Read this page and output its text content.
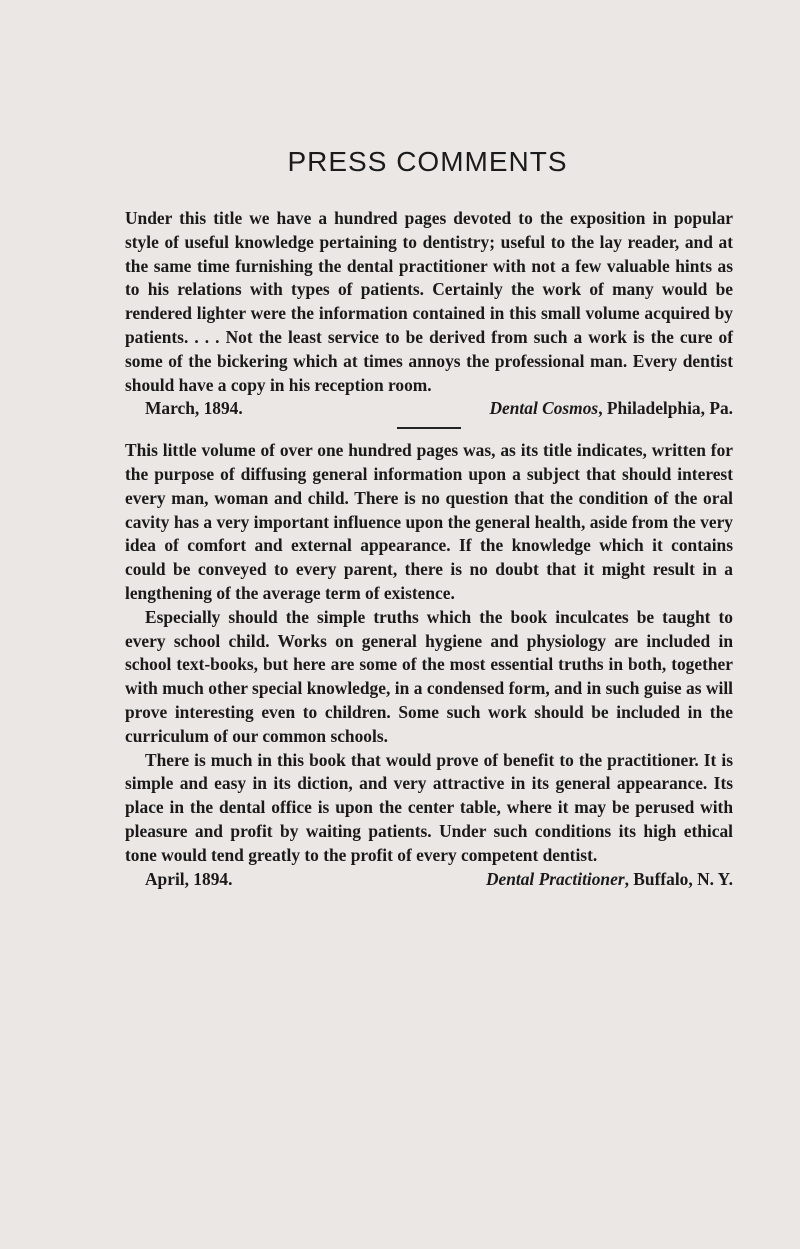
PRESS COMMENTS

Under this title we have a hundred pages devoted to the exposition in popular style of useful knowledge pertaining to dentistry; useful to the lay reader, and at the same time furnishing the dental practitioner with not a few valuable hints as to his relations with types of patients. Certainly the work of many would be rendered lighter were the information contained in this small volume acquired by patients. . . . Not the least service to be derived from such a work is the cure of some of the bickering which at times annoys the professional man. Every dentist should have a copy in his reception room.

March, 1894.	Dental Cosmos, Philadelphia, Pa.

This little volume of over one hundred pages was, as its title indicates, written for the purpose of diffusing general information upon a subject that should interest every man, woman and child. There is no question that the condition of the oral cavity has a very important influence upon the general health, aside from the very idea of comfort and external appearance. If the knowledge which it contains could be conveyed to every parent, there is no doubt that it might result in a lengthening of the average term of existence.

Especially should the simple truths which the book inculcates be taught to every school child. Works on general hygiene and physiology are included in school text-books, but here are some of the most essential truths in both, together with much other special knowledge, in a condensed form, and in such guise as will prove interesting even to children. Some such work should be included in the curriculum of our common schools.

There is much in this book that would prove of benefit to the practitioner. It is simple and easy in its diction, and very attractive in its general appearance. Its place in the dental office is upon the center table, where it may be perused with pleasure and profit by waiting patients. Under such conditions its high ethical tone would tend greatly to the profit of every competent dentist.

April, 1894.	Dental Practitioner, Buffalo, N. Y.
